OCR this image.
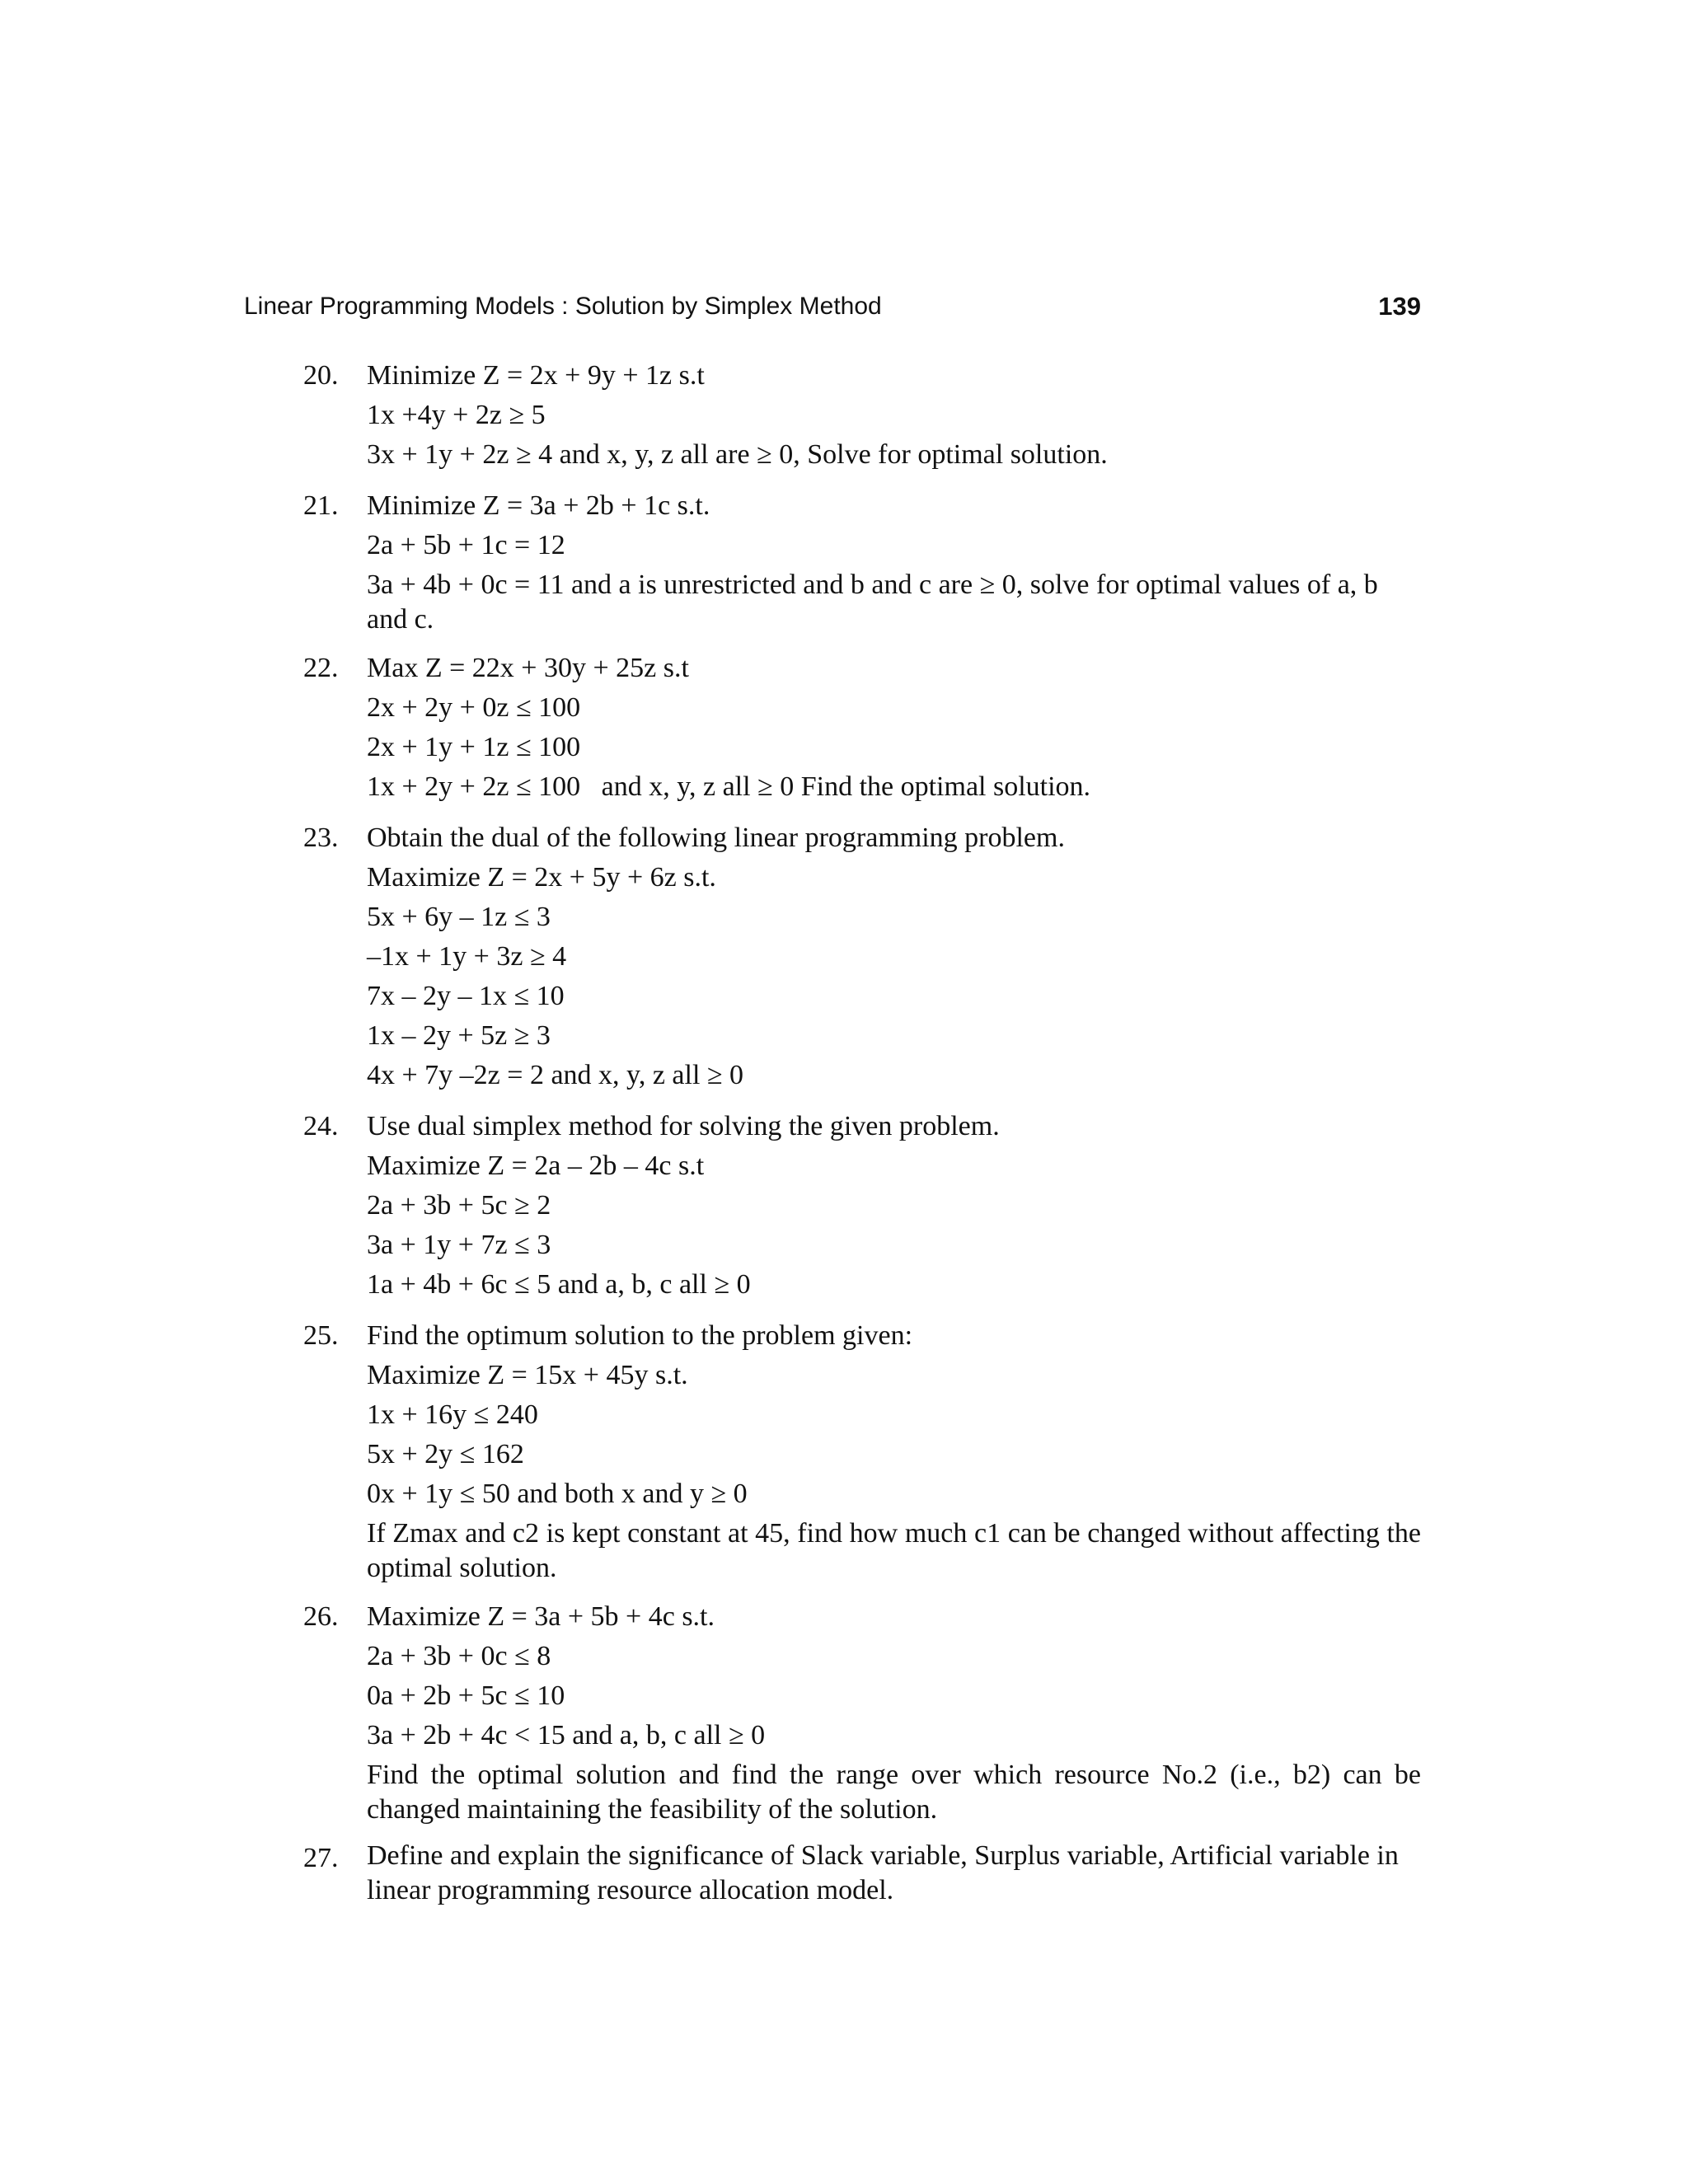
Linear Programming Models : Solution by Simplex Method	139
20.	Minimize Z = 2x + 9y + 1z s.t
1x +4y + 2z ≥ 5
3x + 1y + 2z ≥ 4 and x, y, z all are ≥ 0, Solve for optimal solution.
21.	Minimize Z = 3a + 2b + 1c s.t.
2a + 5b + 1c = 12
3a + 4b + 0c = 11 and a is unrestricted and b and c are ≥ 0, solve for optimal values of a, b and c.
22.	Max Z = 22x + 30y + 25z s.t
2x + 2y + 0z ≤ 100
2x + 1y + 1z ≤ 100
1x + 2y + 2z ≤ 100   and x, y, z all ≥ 0 Find the optimal solution.
23.	Obtain the dual of the following linear programming problem.
Maximize Z = 2x + 5y + 6z s.t.
5x + 6y – 1z ≤ 3
–1x + 1y + 3z ≥ 4
7x – 2y – 1x ≤ 10
1x – 2y + 5z ≥ 3
4x + 7y –2z = 2 and x, y, z all ≥ 0
24.	Use dual simplex method for solving the given problem.
Maximize Z = 2a – 2b – 4c s.t
2a + 3b + 5c ≥ 2
3a + 1y + 7z ≤ 3
1a + 4b + 6c ≤ 5 and a, b, c all ≥ 0
25.	Find the optimum solution to the problem given:
Maximize Z = 15x + 45y s.t.
1x + 16y ≤ 240
5x + 2y ≤ 162
0x + 1y ≤ 50 and both x and y ≥ 0
If Zmax and c2 is kept constant at 45, find how much c1 can be changed without affecting the optimal solution.
26.	Maximize Z = 3a + 5b + 4c s.t.
2a + 3b + 0c ≤ 8
0a + 2b + 5c ≤ 10
3a + 2b + 4c < 15 and a, b, c all ≥ 0
Find the optimal solution and find the range over which resource No.2 (i.e., b2) can be changed maintaining the feasibility of the solution.
27.	Define and explain the significance of Slack variable, Surplus variable, Artificial variable in linear programming resource allocation model.
